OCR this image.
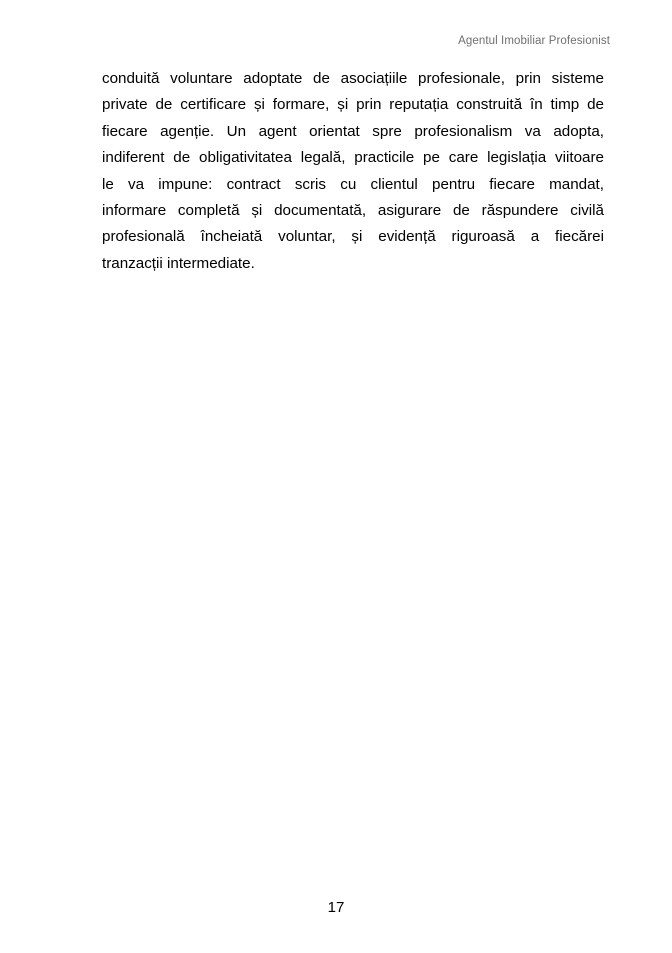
Agentul Imobiliar Profesionist
conduită voluntare adoptate de asociațiile profesionale, prin sisteme
private de certificare și formare, și prin reputația construită în timp de
fiecare agenție. Un agent orientat spre profesionalism va adopta,
indiferent de obligativitatea legală, practicile pe care legislația viitoare
le va impune: contract scris cu clientul pentru fiecare mandat,
informare completă și documentată, asigurare de răspundere civilă
profesională încheiată voluntar, și evidență riguroasă a fiecărei
tranzacții intermediate.
17
